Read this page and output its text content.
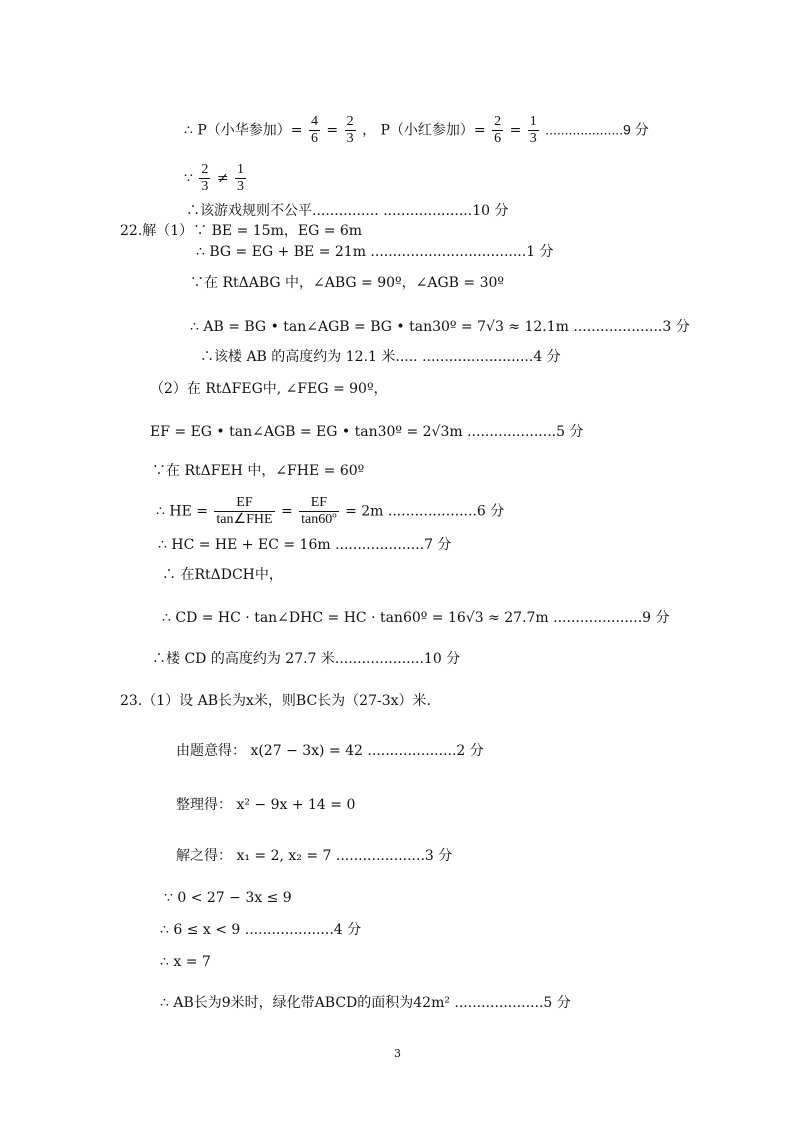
∴ P（小华参加）= $\frac{4}{6} = \frac{2}{3}$ ， P（小红参加）= $\frac{2}{6} = \frac{1}{3} ....................9$ 分
∵ $\frac{2}{3} \ne \frac{1}{3}$
∴该游戏规则不公平............... ....................10 分
22.解（1）∵ BE = 15m，EG = 6m
∴ BG = EG + BE = 21m ...................................1 分
∵在 RtΔABG 中，∠ABG = 90º，∠AGB = 30º
∴ AB = BG • tan∠AGB = BG • tan30º = 7√3 ≈ 12.1m ....................3 分
∴该楼 AB 的高度约为 12.1 米..... .........................4 分
（2）在 RtΔFEG中, ∠FEG = 90º，
EF = EG • tan∠AGB = EG • tan30º = 2√3m ....................5 分
∵在 RtΔFEH 中，∠FHE = 60º
∴ HE = $\frac{EF}{\text{tan∠FHE}} = \frac{EF}{\text{tan60º}} = 2m$ ....................6 分
∴ HC = HE + EC = 16m ....................7 分
∴ 在RtΔDCH中，
∴ CD = HC · tan∠DHC = HC · tan60º = 16√3 ≈ 27.7m ....................9 分
∴楼 CD 的高度约为 27.7 米....................10 分
23.（1）设 AB长为x米，则BC长为（27-3x）米．
由题意得： x(27 − 3x) = 42 ....................2 分
整理得： x² − 9x + 14 = 0
解之得： x₁ = 2, x₂ = 7 ....................3 分
∵ 0 < 27 − 3x ≤ 9
∴ 6 ≤ x < 9 ....................4 分
∴ x = 7
∴ AB长为9米时，绿化带ABCD的面积为42m² ....................5 分
3
